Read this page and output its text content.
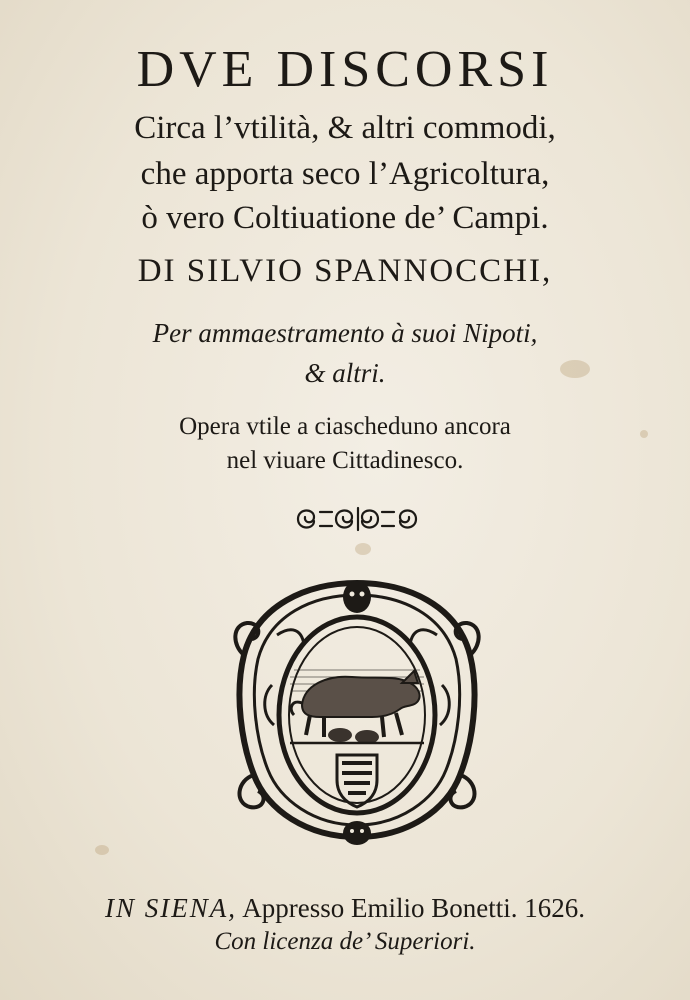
DVE DISCORSI
Circa l’vtilità, & altri commodi,
che apporta seco l’Agricoltura,
ò vero Coltiuatione de’ Campi.
DI SILVIO SPANNOCCHI,
Per ammaestramento à suoi Nipoti,
& altri.
Opera vtile a ciascheduno ancora
nel viuare Cittadinesco.
IN SIENA, Appresso Emilio Bonetti. 1626.
Con licenza de’ Superiori.
